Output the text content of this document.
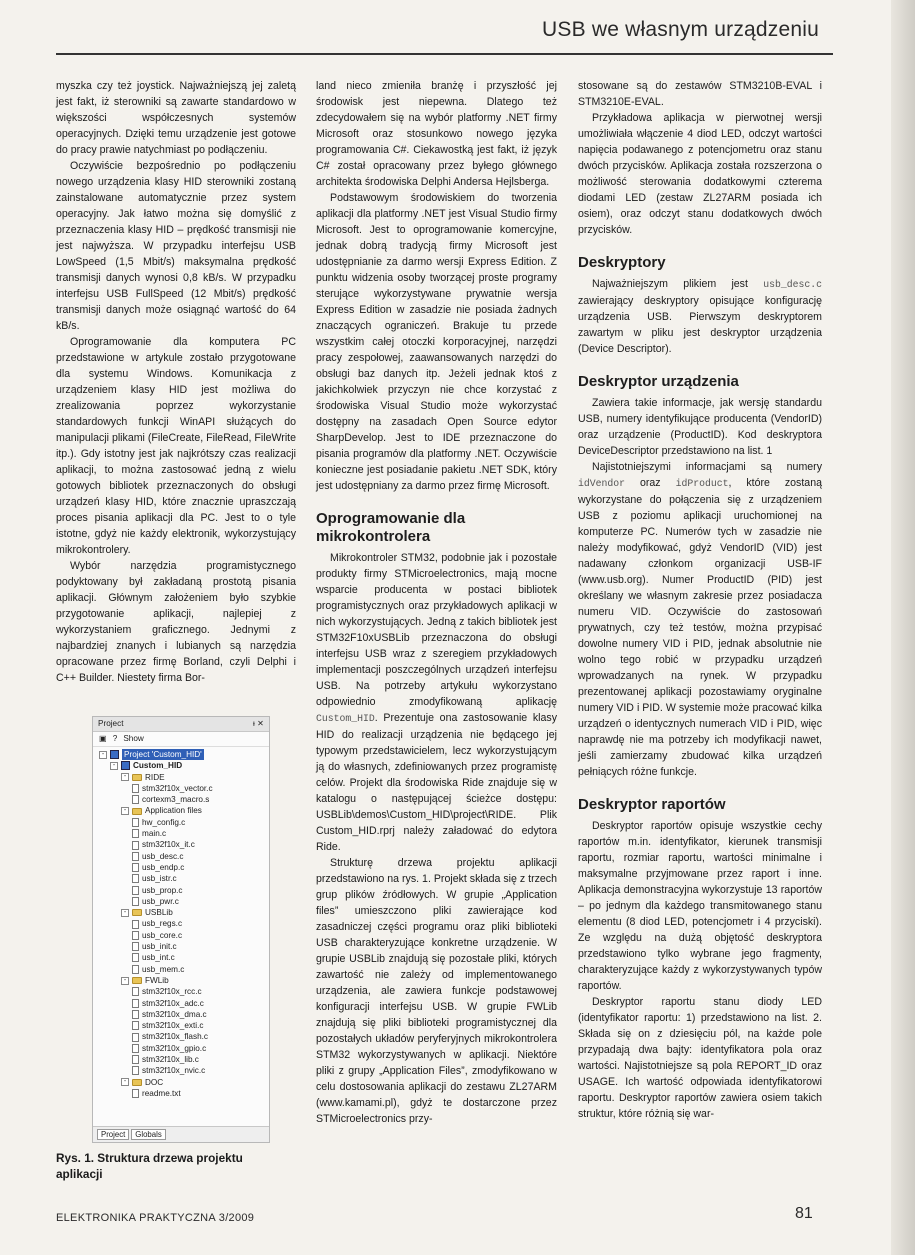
USB we własnym urządzeniu

myszka czy też joystick. Najważniejszą jej zaletą jest fakt, iż sterowniki są zawarte standardowo w większości współczesnych systemów operacyjnych. Dzięki temu urządzenie jest gotowe do pracy prawie natychmiast po podłączeniu.

Oczywiście bezpośrednio po podłączeniu nowego urządzenia klasy HID sterowniki zostaną zainstalowane automatycznie przez system operacyjny. Jak łatwo można się domyślić z przeznaczenia klasy HID – prędkość transmisji nie jest najwyższa. W przypadku interfejsu USB LowSpeed (1,5 Mbit/s) maksymalna prędkość transmisji danych wynosi 0,8 kB/s. W przypadku interfejsu USB FullSpeed (12 Mbit/s) prędkość transmisji danych może osiągnąć wartość do 64 kB/s.

Oprogramowanie dla komputera PC przedstawione w artykule zostało przygotowane dla systemu Windows. Komunikacja z urządzeniem klasy HID jest możliwa do zrealizowania poprzez wykorzystanie standardowych funkcji WinAPI służących do manipulacji plikami (FileCreate, FileRead, FileWrite itp.). Gdy istotny jest jak najkrótszy czas realizacji aplikacji, to można zastosować jedną z wielu gotowych bibliotek przeznaczonych do obsługi urządzeń klasy HID, które znacznie upraszczają proces pisania aplikacji dla PC. Jest to o tyle istotne, gdyż nie każdy elektronik, wykorzystujący mikrokontrolery.

Wybór narzędzia programistycznego podyktowany był zakładaną prostotą pisania aplikacji. Głównym założeniem było szybkie przygotowanie aplikacji, najlepiej z wykorzystaniem graficznego. Jednymi z najbardziej znanych i lubianych są narzędzia opracowane przez firmę Borland, czyli Delphi i C++ Builder. Niestety firma Bor-

Project	ᵻ ✕
▣ ? Show
-	Project 'Custom_HID'
-	Custom_HID
-	RIDE
stm32f10x_vector.c
cortexm3_macro.s
-	Application files
hw_config.c
main.c
stm32f10x_it.c
usb_desc.c
usb_endp.c
usb_istr.c
usb_prop.c
usb_pwr.c
-	USBLib
usb_regs.c
usb_core.c
usb_init.c
usb_int.c
usb_mem.c
-	FWLib
stm32f10x_rcc.c
stm32f10x_adc.c
stm32f10x_dma.c
stm32f10x_exti.c
stm32f10x_flash.c
stm32f10x_gpio.c
stm32f10x_lib.c
stm32f10x_nvic.c
-	DOC
readme.txt
Project	Globals
Rys. 1. Struktura drzewa projektu aplikacji

land nieco zmieniła branżę i przyszłość jej środowisk jest niepewna. Dlatego też zdecydowałem się na wybór platformy .NET firmy Microsoft oraz stosunkowo nowego języka programowania C#. Ciekawostką jest fakt, iż język C# został opracowany przez byłego głównego architekta środowiska Delphi Andersa Hejlsberga.

Podstawowym środowiskiem do tworzenia aplikacji dla platformy .NET jest Visual Studio firmy Microsoft. Jest to oprogramowanie komercyjne, jednak dobrą tradycją firmy Microsoft jest udostępnianie za darmo wersji Express Edition. Z punktu widzenia osoby tworzącej proste programy sterujące wykorzystywane prywatnie wersja Express Edition w zasadzie nie posiada żadnych znaczących ograniczeń. Brakuje tu przede wszystkim całej otoczki korporacyjnej, narzędzi pracy zespołowej, zaawansowanych narzędzi do obsługi baz danych itp. Jeżeli jednak ktoś z jakichkolwiek przyczyn nie chce korzystać z środowiska Visual Studio może wykorzystać dostępny na zasadach Open Source edytor SharpDevelop. Jest to IDE przeznaczone do pisania programów dla platformy .NET. Oczywiście konieczne jest posiadanie pakietu .NET SDK, który jest udostępniany za darmo przez firmę Microsoft.

Oprogramowanie dla mikrokontrolera

Mikrokontroler STM32, podobnie jak i pozostałe produkty firmy STMicroelectronics, mają mocne wsparcie producenta w postaci bibliotek programistycznych oraz przykładowych aplikacji w nich wykorzystujących. Jedną z takich bibliotek jest STM32F10xUSBLib przeznaczona do obsługi interfejsu USB wraz z szeregiem przykładowych implementacji poszczególnych urządzeń interfejsu USB. Na potrzeby artykułu wykorzystano odpowiednio zmodyfikowaną aplikację Custom_HID. Prezentuje ona zastosowanie klasy HID do realizacji urządzenia nie będącego jej typowym przedstawicielem, lecz wykorzystującym ją do własnych, zdefiniowanych przez programistę celów. Projekt dla środowiska Ride znajduje się w katalogu o następującej ścieżce dostępu: USBLib\demos\Custom_HID\project\RIDE. Plik Custom_HID.rprj należy załadować do edytora Ride.

Strukturę drzewa projektu aplikacji przedstawiono na rys. 1. Projekt składa się z trzech grup plików źródłowych. W grupie „Application files” umieszczono pliki zawierające kod zasadniczej części programu oraz pliki biblioteki USB charakteryzujące konkretne urządzenie. W grupie USBLib znajdują się pozostałe pliki, których zawartość nie zależy od implementowanego urządzenia, ale zawiera funkcje podstawowej konfiguracji interfejsu USB. W grupie FWLib znajdują się pliki biblioteki programistycznej dla pozostałych układów peryferyjnych mikrokontrolera STM32 wykorzystywanych w aplikacji. Niektóre pliki z grupy „Application Files”, zmodyfikowano w celu dostosowania aplikacji do zestawu ZL27ARM (www.kamami.pl), gdyż te dostarczone przez STMicroelectronics przy-

stosowane są do zestawów STM3210B-EVAL i STM3210E-EVAL.

Przykładowa aplikacja w pierwotnej wersji umożliwiała włączenie 4 diod LED, odczyt wartości napięcia podawanego z potencjometru oraz stanu dwóch przycisków. Aplikacja została rozszerzona o możliwość sterowania dodatkowymi czterema diodami LED (zestaw ZL27ARM posiada ich osiem), oraz odczyt stanu dodatkowych dwóch przycisków.

Deskryptory

Najważniejszym plikiem jest usb_desc.c zawierający deskryptory opisujące konfigurację urządzenia USB. Pierwszym deskryptorem zawartym w pliku jest deskryptor urządzenia (Device Descriptor).

Deskryptor urządzenia

Zawiera takie informacje, jak wersję standardu USB, numery identyfikujące producenta (VendorID) oraz urządzenie (ProductID). Kod deskryptora DeviceDescriptor przedstawiono na list. 1

Najistotniejszymi informacjami są numery idVendor oraz idProduct, które zostaną wykorzystane do połączenia się z urządzeniem USB z poziomu aplikacji uruchomionej na komputerze PC. Numerów tych w zasadzie nie należy modyfikować, gdyż VendorID (VID) jest nadawany członkom organizacji USB-IF (www.usb.org). Numer ProductID (PID) jest określany we własnym zakresie przez posiadacza numeru VID. Oczywiście do zastosowań prywatnych, czy też testów, można przypisać dowolne numery VID i PID, jednak absolutnie nie wolno tego robić w przypadku urządzeń wprowadzanych na rynek. W przypadku prezentowanej aplikacji pozostawiamy oryginalne numery VID i PID. W systemie może pracować kilka urządzeń o identycznych numerach VID i PID, więc naprawdę nie ma potrzeby ich modyfikacji nawet, jeśli zamierzamy zbudować kilka urządzeń pełniących różne funkcje.

Deskryptor raportów

Deskryptor raportów opisuje wszystkie cechy raportów m.in. identyfikator, kierunek transmisji raportu, rozmiar raportu, wartości minimalne i maksymalne przyjmowane przez raport i inne. Aplikacja demonstracyjna wykorzystuje 13 raportów – po jednym dla każdego transmitowanego stanu elementu (8 diod LED, potencjometr i 4 przyciski). Ze względu na dużą objętość deskryptora przedstawiono tylko wybrane jego fragmenty, charakteryzujące każdy z wykorzystywanych typów raportów.

Deskryptor raportu stanu diody LED (identyfikator raportu: 1) przedstawiono na list. 2. Składa się on z dziesięciu pól, na każde pole przypadają dwa bajty: identyfikatora pola oraz wartości. Najistotniejsze są pola REPORT_ID oraz USAGE. Ich wartość odpowiada identyfikatorowi raportu. Deskryptor raportów zawiera osiem takich struktur, które różnią się war-

ELEKTRONIKA PRAKTYCZNA 3/2009	81
